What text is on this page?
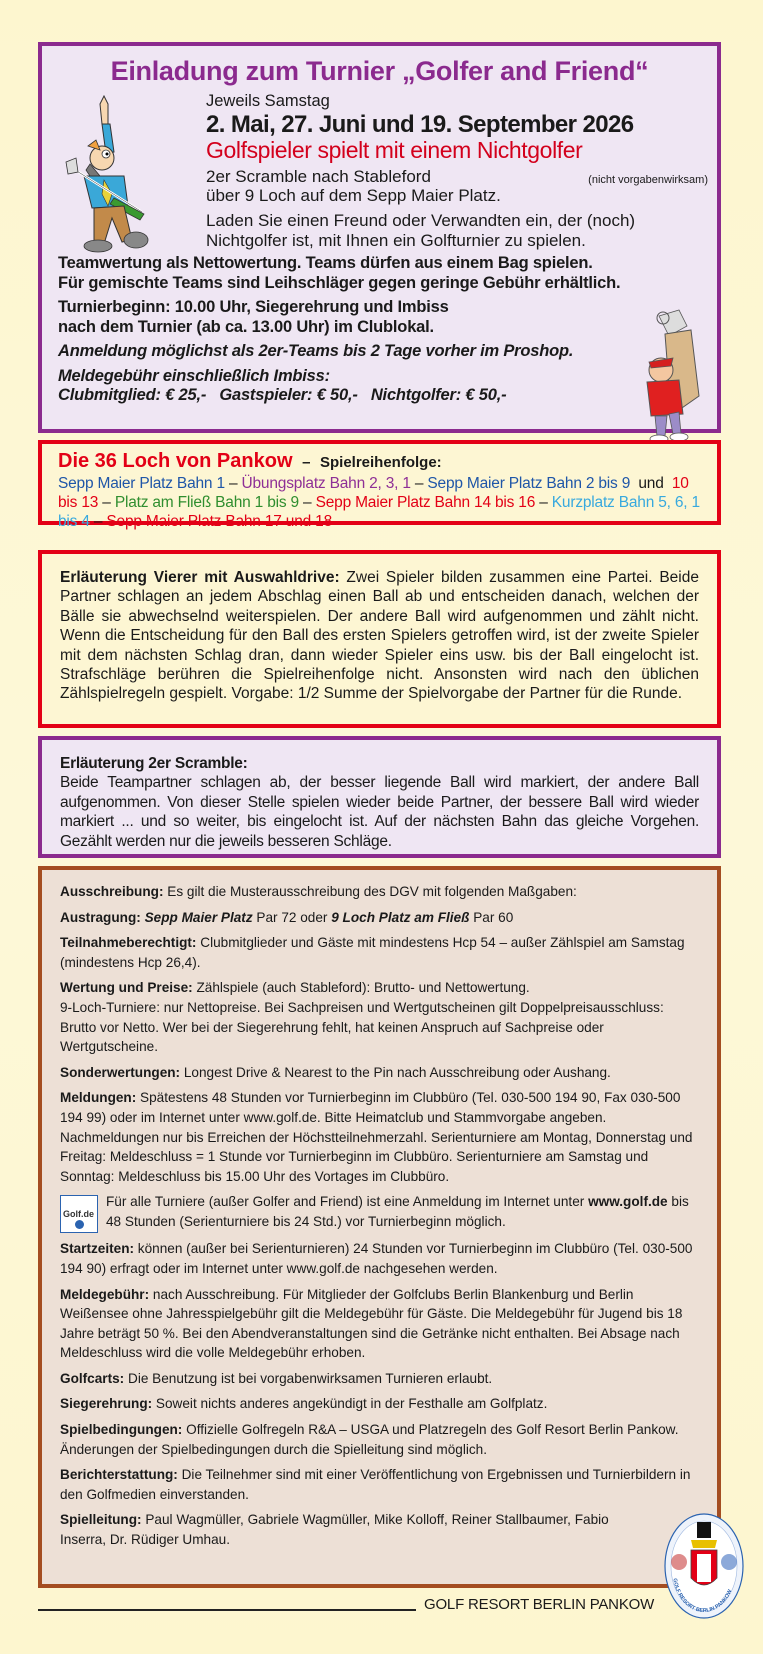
Einladung zum Turnier „Golfer and Friend“
Jeweils Samstag
2. Mai, 27. Juni und 19. September 2026
Golfspieler spielt mit einem Nichtgolfer
2er Scramble nach Stableford	(nicht vorgabenwirksam)
über 9 Loch auf dem Sepp Maier Platz.
Laden Sie einen Freund oder Verwandten ein, der (noch) Nichtgolfer ist, mit Ihnen ein Golfturnier zu spielen.

Teamwertung als Nettowertung. Teams dürfen aus einem Bag spielen.
Für gemischte Teams sind Leihschläger gegen geringe Gebühr erhältlich.

Turnierbeginn: 10.00 Uhr, Siegerehrung und Imbiss
nach dem Turnier (ab ca. 13.00 Uhr) im Clublokal.

Anmeldung möglichst als 2er-Teams bis 2 Tage vorher im Proshop.

Meldegebühr einschließlich Imbiss:
Clubmitglied: € 25,-   Gastspieler: € 50,-   Nichtgolfer: € 50,-

Die 36 Loch von Pankow – Spielreihenfolge:
Sepp Maier Platz Bahn 1 – Übungsplatz Bahn 2, 3, 1 – Sepp Maier Platz Bahn 2 bis 9  und  10 bis 13 – Platz am Fließ Bahn 1 bis 9 – Sepp Maier Platz Bahn 14 bis 16 – Kurzplatz Bahn 5, 6, 1 bis 4 – Sepp Maier Platz Bahn 17 und 18
Erläuterung Vierer mit Auswahldrive: Zwei Spieler bilden zusammen eine Partei. Beide Partner schlagen an jedem Abschlag einen Ball ab und entscheiden danach, welchen der Bälle sie abwechselnd weiterspielen. Der andere Ball wird aufgenommen und zählt nicht. Wenn die Entscheidung für den Ball des ersten Spielers getroffen wird, ist der zweite Spieler mit dem nächsten Schlag dran, dann wieder Spieler eins usw. bis der Ball eingelocht ist. Strafschläge berühren die Spielreihenfolge nicht. Ansonsten wird nach den üblichen Zählspielregeln gespielt. Vorgabe: 1/2 Summe der Spielvorgabe der Partner für die Runde.
Erläuterung 2er Scramble:
Beide Teampartner schlagen ab, der besser liegende Ball wird markiert, der andere Ball aufgenommen. Von dieser Stelle spielen wieder beide Partner, der bessere Ball wird wieder markiert ... und so weiter, bis eingelocht ist. Auf der nächsten Bahn das gleiche Vorgehen. Gezählt werden nur die jeweils besseren Schläge.

Ausschreibung: Es gilt die Musterausschreibung des DGV mit folgenden Maßgaben:

Austragung: Sepp Maier Platz Par 72 oder 9 Loch Platz am Fließ Par 60

Teilnahmeberechtigt: Clubmitglieder und Gäste mit mindestens Hcp 54 – außer Zählspiel am Samstag (mindestens Hcp 26,4).

Wertung und Preise: Zählspiele (auch Stableford): Brutto- und Nettowertung.
9-Loch-Turniere: nur Nettopreise. Bei Sachpreisen und Wertgutscheinen gilt Doppelpreisausschluss: Brutto vor Netto. Wer bei der Siegerehrung fehlt, hat keinen Anspruch auf Sachpreise oder Wertgutscheine.

Sonderwertungen: Longest Drive & Nearest to the Pin nach Ausschreibung oder Aushang.

Meldungen: Spätestens 48 Stunden vor Turnierbeginn im Clubbüro (Tel. 030-500 194 90, Fax 030-500 194 99) oder im Internet unter www.golf.de. Bitte Heimatclub und Stammvorgabe angeben. Nachmeldungen nur bis Erreichen der Höchstteilnehmerzahl. Serienturniere am Montag, Donnerstag und Freitag: Meldeschluss = 1 Stunde vor Turnierbeginn im Clubbüro. Serienturniere am Samstag und Sonntag: Meldeschluss bis 15.00 Uhr des Vortages im Clubbüro.

Golf.de
Für alle Turniere (außer Golfer and Friend) ist eine Anmeldung im Internet unter www.golf.de bis 48 Stunden (Serienturniere bis 24 Std.) vor Turnierbeginn möglich.

Startzeiten: können (außer bei Serienturnieren) 24 Stunden vor Turnierbeginn im Clubbüro (Tel. 030-500 194 90) erfragt oder im Internet unter www.golf.de nachgesehen werden.

Meldegebühr: nach Ausschreibung. Für Mitglieder der Golfclubs Berlin Blankenburg und Berlin Weißensee ohne Jahresspielgebühr gilt die Meldegebühr für Gäste. Die Meldegebühr für Jugend bis 18 Jahre beträgt 50 %. Bei den Abendveranstaltungen sind die Getränke nicht enthalten. Bei Absage nach Meldeschluss wird die volle Meldegebühr erhoben.

Golfcarts: Die Benutzung ist bei vorgabenwirksamen Turnieren erlaubt.

Siegerehrung: Soweit nichts anderes angekündigt in der Festhalle am Golfplatz.

Spielbedingungen: Offizielle Golfregeln R&A – USGA und Platzregeln des Golf Resort Berlin Pankow. Änderungen der Spielbedingungen durch die Spielleitung sind möglich.

Berichterstattung: Die Teilnehmer sind mit einer Veröffentlichung von Ergebnissen und Turnierbildern in den Golfmedien einverstanden.

Spielleitung: Paul Wagmüller, Gabriele Wagmüller, Mike Kolloff, Reiner Stallbaumer, Fabio Inserra, Dr. Rüdiger Umhau.

GOLF RESORT BERLIN PANKOW
GOLF RESORT BERLIN PANKOW
